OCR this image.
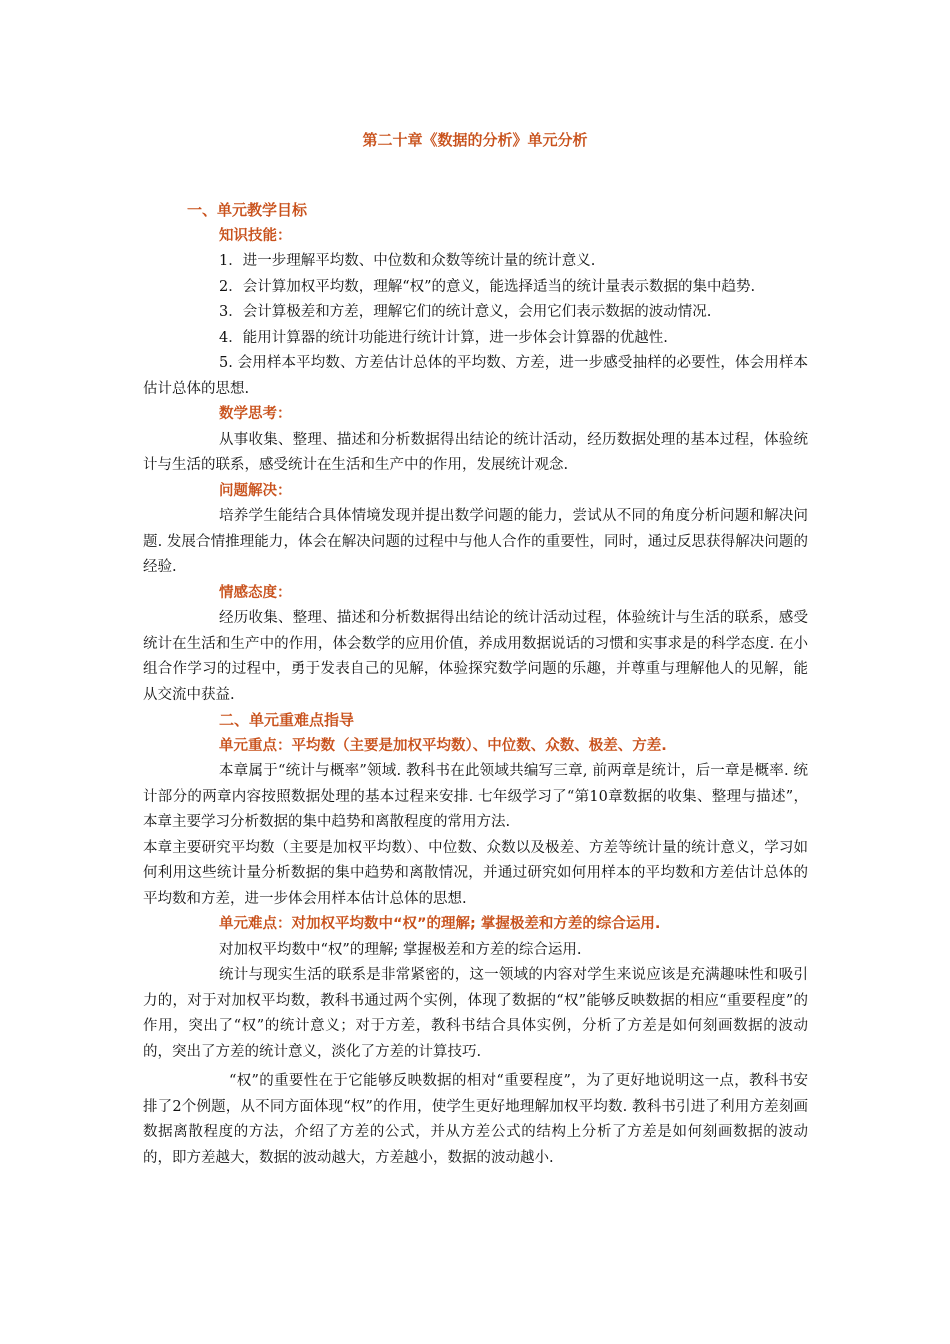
第二十章《数据的分析》单元分析

一、单元教学目标

知识技能：

1．进一步理解平均数、中位数和众数等统计量的统计意义.

2．会计算加权平均数，理解“权”的意义，能选择适当的统计量表示数据的集中趋势.

3．会计算极差和方差，理解它们的统计意义，会用它们表示数据的波动情况.

4．能用计算器的统计功能进行统计计算，进一步体会计算器的优越性.

5. 会用样本平均数、方差估计总体的平均数、方差，进一步感受抽样的必要性，体会用样本估计总体的思想.

数学思考：

从事收集、整理、描述和分析数据得出结论的统计活动，经历数据处理的基本过程，体验统计与生活的联系，感受统计在生活和生产中的作用，发展统计观念.

问题解决：

培养学生能结合具体情境发现并提出数学问题的能力，尝试从不同的角度分析问题和解决问题. 发展合情推理能力，体会在解决问题的过程中与他人合作的重要性，同时，通过反思获得解决问题的经验.

情感态度：

经历收集、整理、描述和分析数据得出结论的统计活动过程，体验统计与生活的联系，感受统计在生活和生产中的作用，体会数学的应用价值，养成用数据说话的习惯和实事求是的科学态度. 在小组合作学习的过程中，勇于发表自己的见解，体验探究数学问题的乐趣，并尊重与理解他人的见解，能从交流中获益.

二、单元重难点指导

单元重点：平均数（主要是加权平均数）、中位数、众数、极差、方差.

本章属于“统计与概率”领域. 教科书在此领域共编写三章, 前两章是统计，后一章是概率. 统计部分的两章内容按照数据处理的基本过程来安排. 七年级学习了“第10章数据的收集、整理与描述”，本章主要学习分析数据的集中趋势和离散程度的常用方法.

本章主要研究平均数（主要是加权平均数）、中位数、众数以及极差、方差等统计量的统计意义，学习如何利用这些统计量分析数据的集中趋势和离散情况，并通过研究如何用样本的平均数和方差估计总体的平均数和方差，进一步体会用样本估计总体的思想.

单元难点：对加权平均数中“权”的理解; 掌握极差和方差的综合运用.

对加权平均数中“权”的理解; 掌握极差和方差的综合运用.

统计与现实生活的联系是非常紧密的，这一领域的内容对学生来说应该是充满趣味性和吸引力的，对于对加权平均数，教科书通过两个实例，体现了数据的“权”能够反映数据的相应“重要程度”的作用，突出了“权”的统计意义；对于方差，教科书结合具体实例，分析了方差是如何刻画数据的波动的，突出了方差的统计意义，淡化了方差的计算技巧.

“权”的重要性在于它能够反映数据的相对“重要程度”，为了更好地说明这一点，教科书安排了2个例题，从不同方面体现“权”的作用，使学生更好地理解加权平均数. 教科书引进了利用方差刻画数据离散程度的方法，介绍了方差的公式，并从方差公式的结构上分析了方差是如何刻画数据的波动的，即方差越大，数据的波动越大，方差越小，数据的波动越小.
